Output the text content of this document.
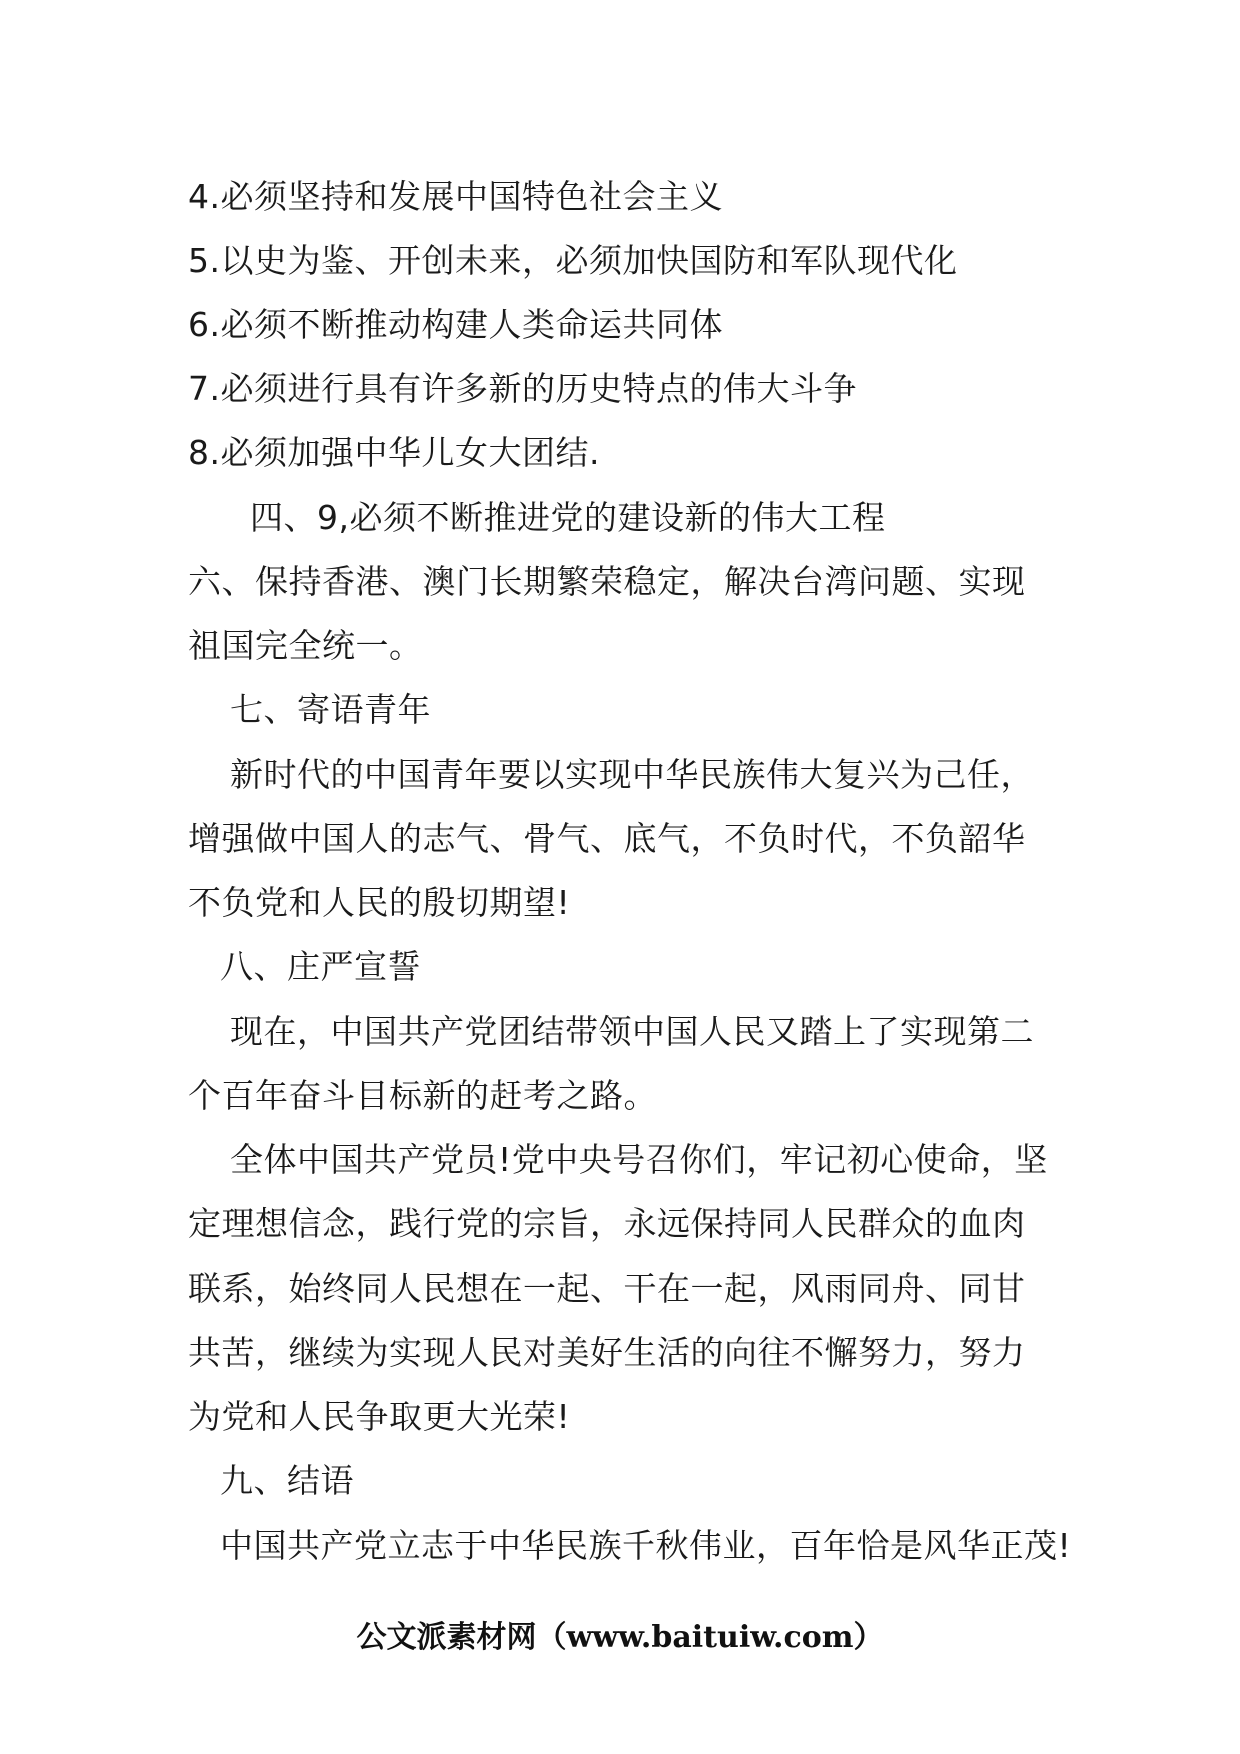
4.必须坚持和发展中国特色社会主义
5.以史为鉴、开创未来，必须加快国防和军队现代化
6.必须不断推动构建人类命运共同体
7.必须进行具有许多新的历史特点的伟大斗争
8.必须加强中华儿女大团结.
四、9,必须不断推进党的建设新的伟大工程
六、保持香港、澳门长期繁荣稳定，解决台湾问题、实现
祖国完全统一。
七、寄语青年
新时代的中国青年要以实现中华民族伟大复兴为己任，
增强做中国人的志气、骨气、底气，不负时代，不负韶华
不负党和人民的殷切期望!
八、庄严宣誓
现在，中国共产党团结带领中国人民又踏上了实现第二
个百年奋斗目标新的赶考之路。
全体中国共产党员!党中央号召你们，牢记初心使命，坚
定理想信念，践行党的宗旨，永远保持同人民群众的血肉
联系，始终同人民想在一起、干在一起，风雨同舟、同甘
共苦，继续为实现人民对美好生活的向往不懈努力，努力
为党和人民争取更大光荣!
九、结语
中国共产党立志于中华民族千秋伟业，百年恰是风华正茂!
公文派素材网（www.baituiw.com）
